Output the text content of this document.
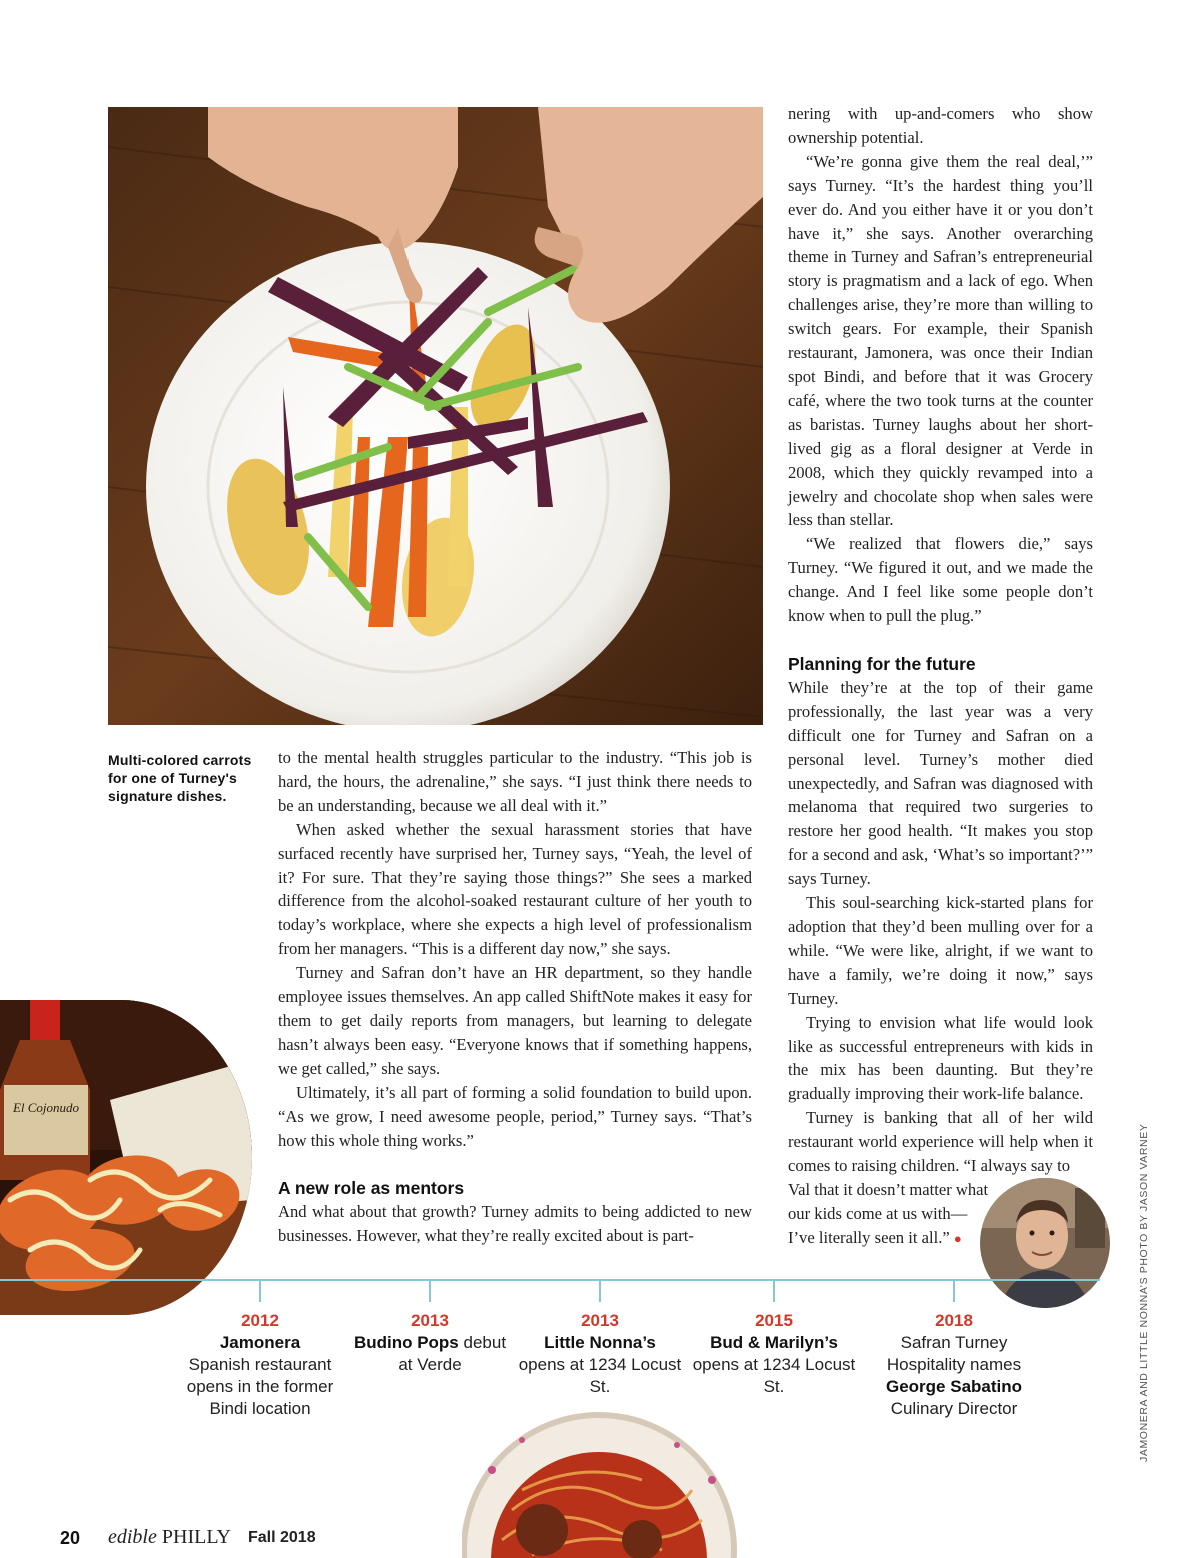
Multi-colored carrots for one of Turney's signature dishes.

to the mental health struggles particular to the industry. “This job is hard, the hours, the adrenaline,” she says. “I just think there needs to be an understanding, because we all deal with it.”

When asked whether the sexual harassment stories that have surfaced recently have surprised her, Turney says, “Yeah, the level of it? For sure. That they’re saying those things?” She sees a marked difference from the alcohol-soaked restaurant culture of her youth to today’s workplace, where she expects a high level of professionalism from her managers. “This is a different day now,” she says.

Turney and Safran don’t have an HR department, so they handle employee issues themselves. An app called ShiftNote makes it easy for them to get daily reports from managers, but learning to delegate hasn’t always been easy. “Everyone knows that if something happens, we get called,” she says.

Ultimately, it’s all part of forming a solid foundation to build upon. “As we grow, I need awesome people, period,” Turney says. “That’s how this whole thing works.”

A new role as mentors

And what about that growth? Turney admits to being addicted to new businesses. However, what they’re really excited about is part-

nering with up-and-comers who show ownership potential.

“We’re gonna give them the real deal,’” says Turney. “It’s the hardest thing you’ll ever do. And you either have it or you don’t have it,” she says. Another overarching theme in Turney and Safran’s entrepreneurial story is pragmatism and a lack of ego. When challenges arise, they’re more than willing to switch gears. For example, their Spanish restaurant, Jamonera, was once their Indian spot Bindi, and before that it was Grocery café, where the two took turns at the counter as baristas. Turney laughs about her short-lived gig as a floral designer at Verde in 2008, which they quickly revamped into a jewelry and chocolate shop when sales were less than stellar.

“We realized that flowers die,” says Turney. “We figured it out, and we made the change. And I feel like some people don’t know when to pull the plug.”

Planning for the future

While they’re at the top of their game professionally, the last year was a very difficult one for Turney and Safran on a personal level. Turney’s mother died unexpectedly, and Safran was diagnosed with melanoma that required two surgeries to restore her good health. “It makes you stop for a second and ask, ‘What’s so important?’” says Turney.

This soul-searching kick-started plans for adoption that they’d been mulling over for a while. “We were like, alright, if we want to have a family, we’re doing it now,” says Turney.

Trying to envision what life would look like as successful entrepreneurs with kids in the mix has been daunting. But they’re gradually improving their work-life balance.

Turney is banking that all of her wild restaurant world experience will help when it comes to raising children. “I always say to

Val that it doesn’t matter what

our kids come at us with—

I’ve literally seen it all.” ●

El Cojonudo
2012
Jamonera
Spanish restaurant opens in the former Bindi location
2013
Budino Pops debut at Verde
2013
Little Nonna’s
opens at 1234 Locust St.
2015
Bud & Marilyn’s
opens at 1234 Locust St.
2018
Safran Turney Hospitality names
George Sabatino
Culinary Director	JAMONERA AND LITTLE NONNA’S PHOTO BY JASON VARNEY
20 edible PHILLY Fall 2018
